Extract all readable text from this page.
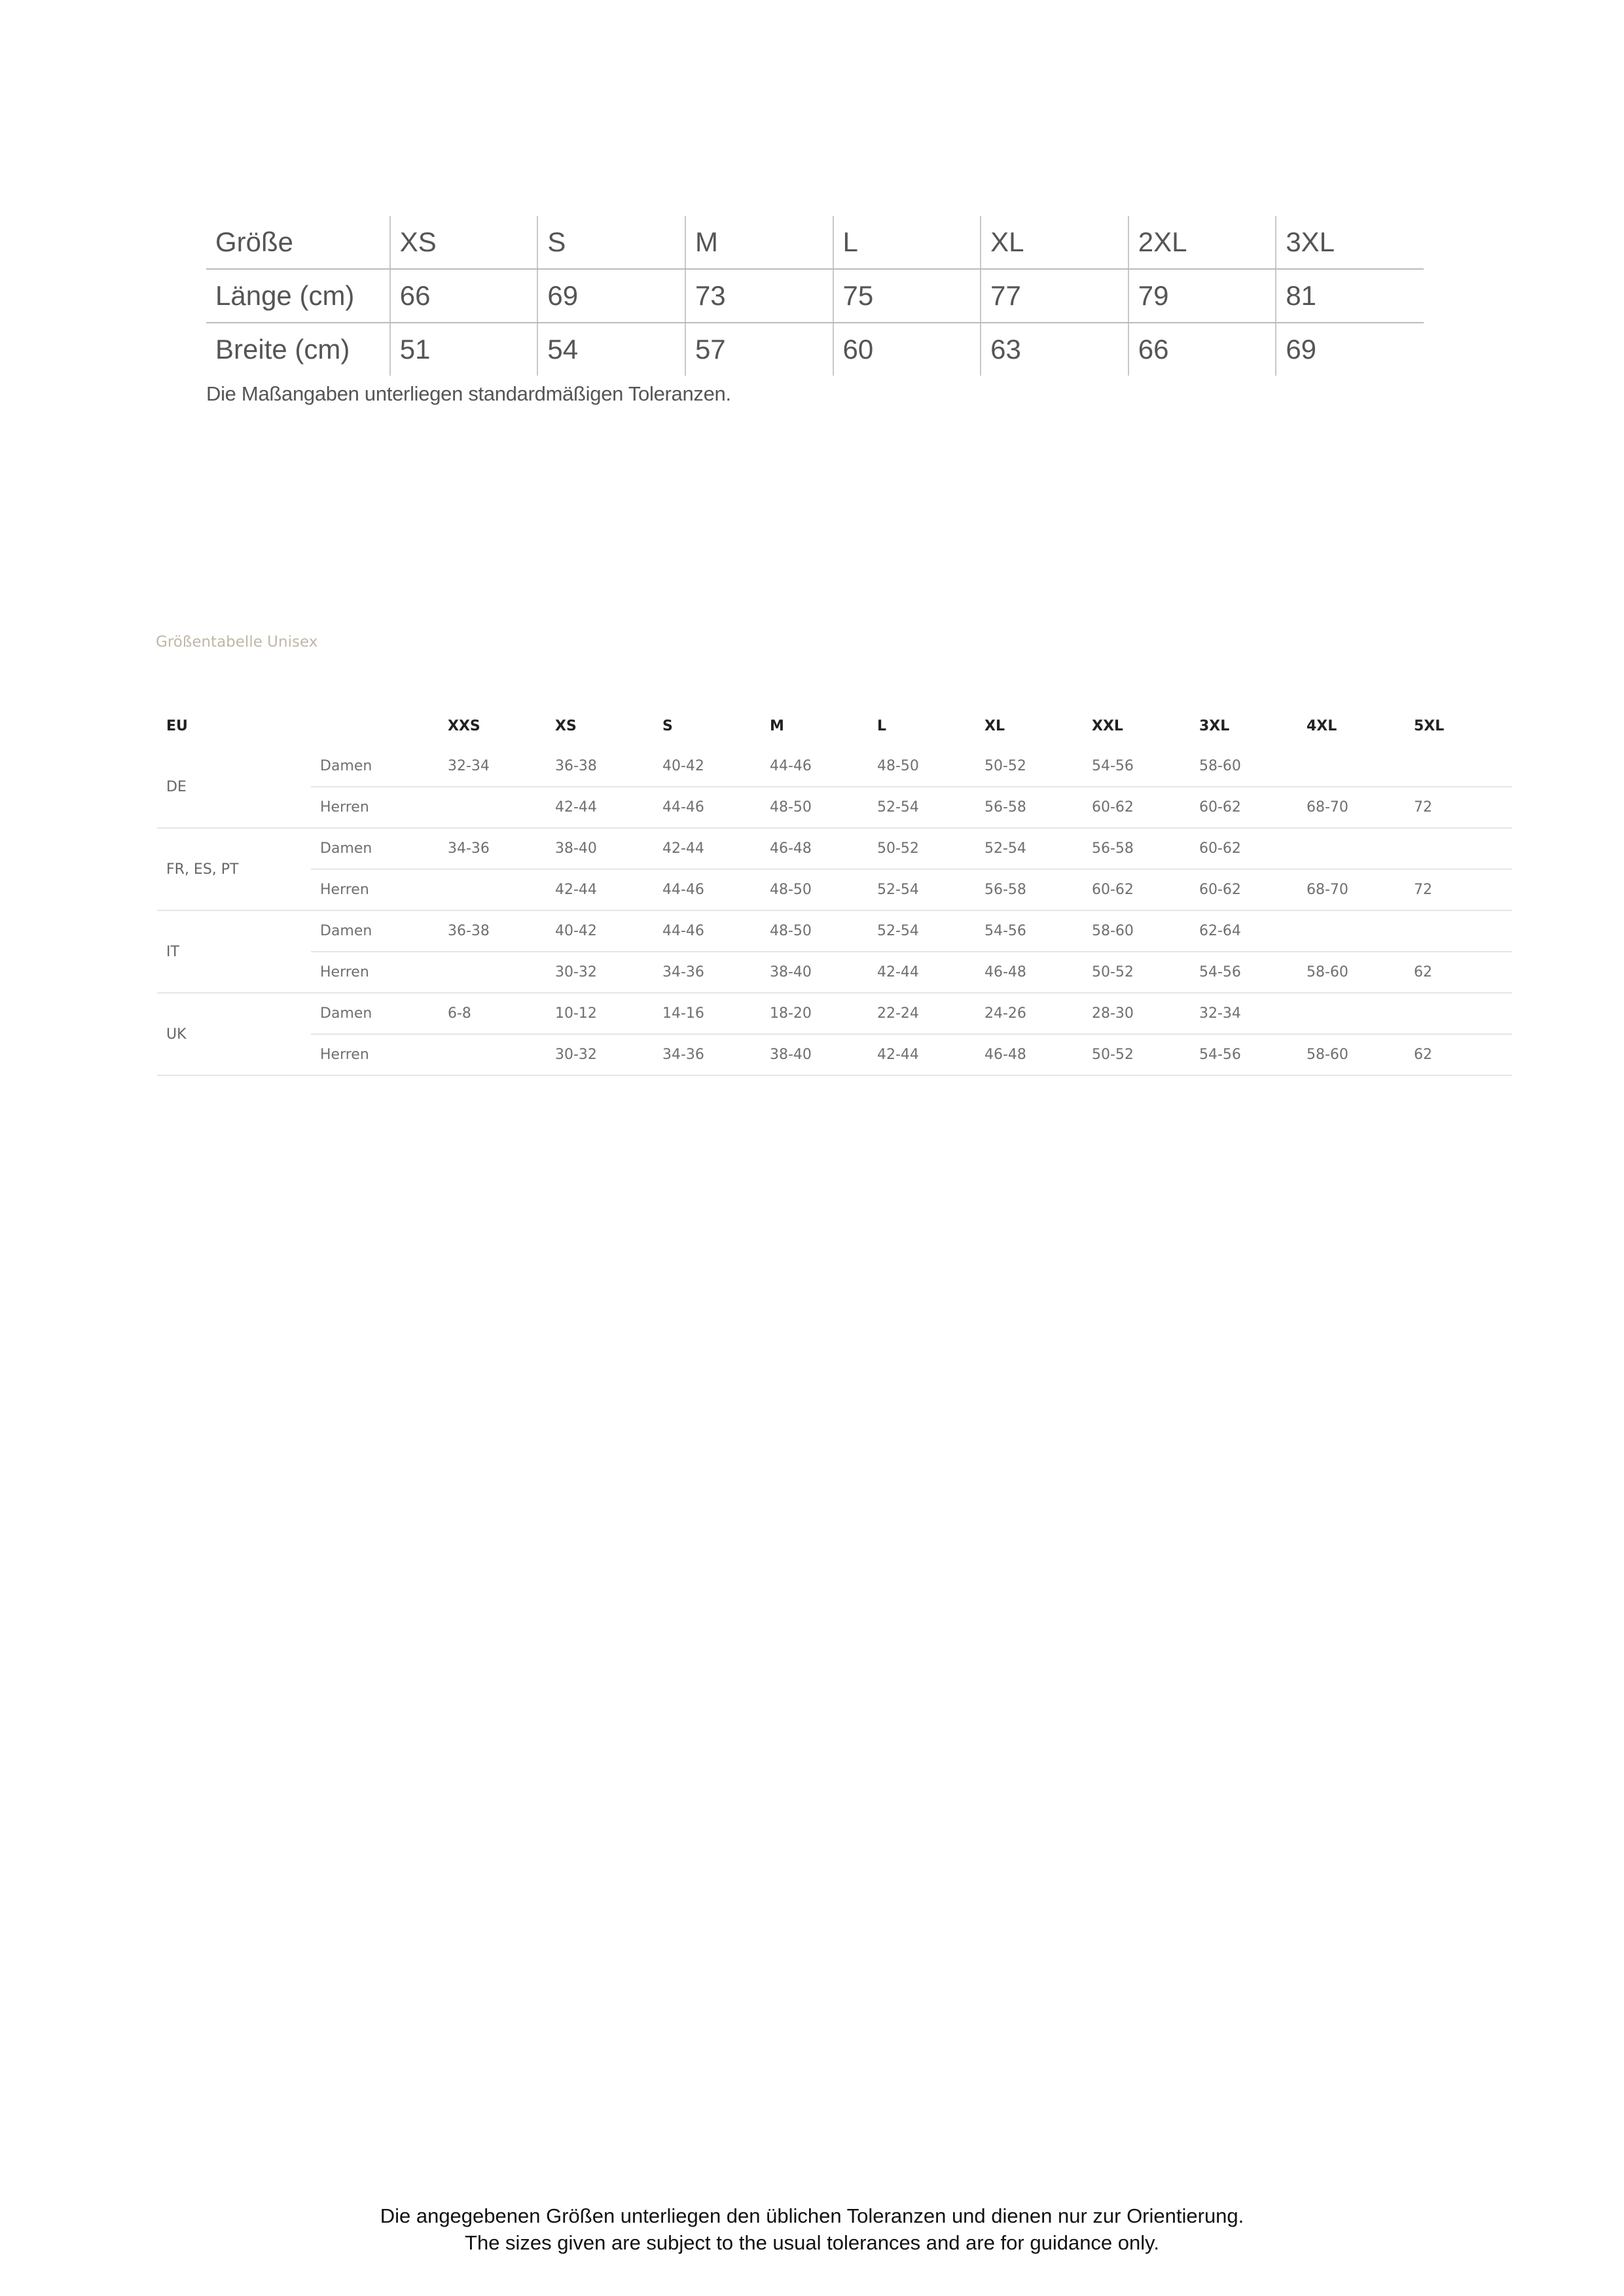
Größe	XS	S	M	L	XL	2XL	3XL
Länge (cm)	66	69	73	75	77	79	81
Breite (cm)	51	54	57	60	63	66	69
Die Maßangaben unterliegen standardmäßigen Toleranzen.
Größentabelle Unisex
EU		XXS	XS	S	M	L	XL	XXL	3XL	4XL	5XL
DE	Damen	32-34	36-38	40-42	44-46	48-50	50-52	54-56	58-60		
	Herren		42-44	44-46	48-50	52-54	56-58	60-62	60-62	68-70	72
FR, ES, PT	Damen	34-36	38-40	42-44	46-48	50-52	52-54	56-58	60-62		
	Herren		42-44	44-46	48-50	52-54	56-58	60-62	60-62	68-70	72
IT	Damen	36-38	40-42	44-46	48-50	52-54	54-56	58-60	62-64		
	Herren		30-32	34-36	38-40	42-44	46-48	50-52	54-56	58-60	62
UK	Damen	6-8	10-12	14-16	18-20	22-24	24-26	28-30	32-34		
	Herren		30-32	34-36	38-40	42-44	46-48	50-52	54-56	58-60	62
Die angegebenen Größen unterliegen den üblichen Toleranzen und dienen nur zur Orientierung.
The sizes given are subject to the usual tolerances and are for guidance only.
